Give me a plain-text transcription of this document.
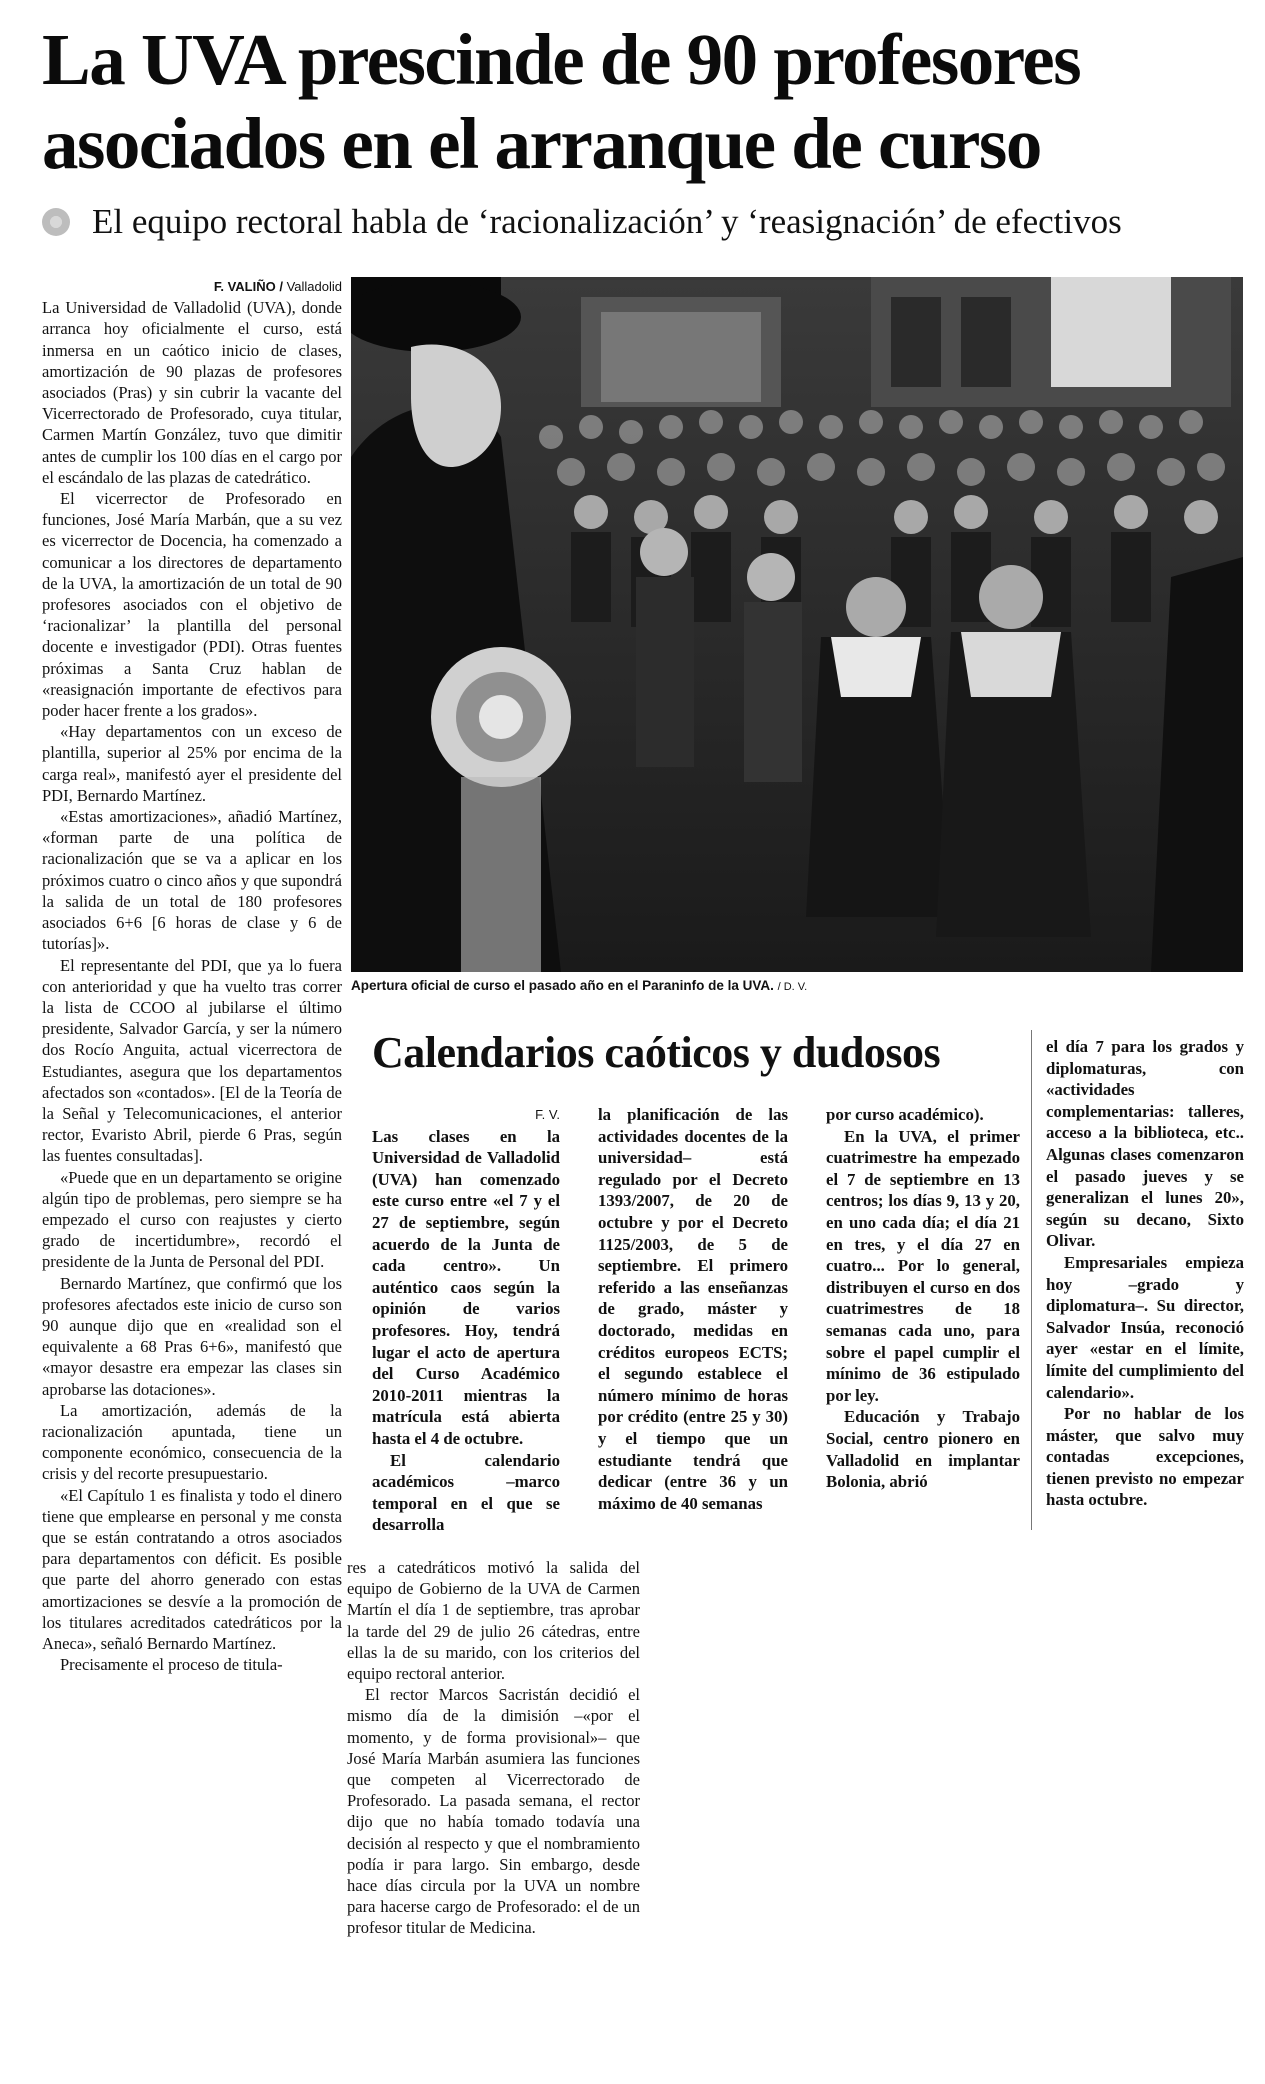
La UVA prescinde de 90 profesores
asociados en el arranque de curso
El equipo rectoral habla de ‘racionalización’ y ‘reasignación’ de efectivos

F. VALIÑO / Valladolid

La Universidad de Valladolid (UVA), donde arranca hoy oficialmente el curso, está inmersa en un caótico inicio de clases, amortización de 90 plazas de profesores asociados (Pras) y sin cubrir la vacante del Vicerrectorado de Profesorado, cuya titular, Carmen Martín González, tuvo que dimitir antes de cumplir los 100 días en el cargo por el escándalo de las plazas de catedrático.

El vicerrector de Profesorado en funciones, José María Marbán, que a su vez es vicerrector de Docencia, ha comenzado a comunicar a los directores de departamento de la UVA, la amortización de un total de 90 profesores asociados con el objetivo de ‘racionalizar’ la plantilla del personal docente e investigador (PDI). Otras fuentes próximas a Santa Cruz hablan de «reasignación importante de efectivos para poder hacer frente a los grados».

«Hay departamentos con un exceso de plantilla, superior al 25% por encima de la carga real», manifestó ayer el presidente del PDI, Bernardo Martínez.

«Estas amortizaciones», añadió Martínez, «forman parte de una política de racionalización que se va a aplicar en los próximos cuatro o cinco años y que supondrá la salida de un total de 180 profesores asociados 6+6 [6 horas de clase y 6 de tutorías]».

El representante del PDI, que ya lo fuera con anterioridad y que ha vuelto tras correr la lista de CCOO al jubilarse el último presidente, Salvador García, y ser la número dos Rocío Anguita, actual vicerrectora de Estudiantes, asegura que los departamentos afectados son «contados». [El de la Teoría de la Señal y Telecomunicaciones, el anterior rector, Evaristo Abril, pierde 6 Pras, según las fuentes consultadas].

«Puede que en un departamento se origine algún tipo de problemas, pero siempre se ha empezado el curso con reajustes y cierto grado de incertidumbre», recordó el presidente de la Junta de Personal del PDI.

Bernardo Martínez, que confirmó que los profesores afectados este inicio de curso son 90 aunque dijo que en «realidad son el equivalente a 68 Pras 6+6», manifestó que «mayor desastre era empezar las clases sin aprobarse las dotaciones».

La amortización, además de la racionalización apuntada, tiene un componente económico, consecuencia de la crisis y del recorte presupuestario.

«El Capítulo 1 es finalista y todo el dinero tiene que emplearse en personal y me consta que se están contratando a otros asociados para departamentos con déficit. Es posible que parte del ahorro generado con estas amortizaciones se desvíe a la promoción de los titulares acreditados catedráticos por la Aneca», señaló Bernardo Martínez.

Precisamente el proceso de titula-

Apertura oficial de curso el pasado año en el Paraninfo de la UVA. / D. V.
Calendarios caóticos y dudosos

F. V.

Las clases en la Universidad de Valladolid (UVA) han comenzado este curso entre «el 7 y el 27 de septiembre, según acuerdo de la Junta de cada centro». Un auténtico caos según la opinión de varios profesores. Hoy, tendrá lugar el acto de apertura del Curso Académico 2010-2011 mientras la matrícula está abierta hasta el 4 de octubre.

El calendario académicos –marco temporal en el que se desarrolla

la planificación de las actividades docentes de la universidad– está regulado por el Decreto 1393/2007, de 20 de octubre y por el Decreto 1125/2003, de 5 de septiembre. El primero referido a las enseñanzas de grado, máster y doctorado, medidas en créditos europeos ECTS; el segundo establece el número mínimo de horas por crédito (entre 25 y 30) y el tiempo que un estudiante tendrá que dedicar (entre 36 y un máximo de 40 semanas

por curso académico).

En la UVA, el primer cuatrimestre ha empezado el 7 de septiembre en 13 centros; los días 9, 13 y 20, en uno cada día; el día 21 en tres, y el día 27 en cuatro... Por lo general, distribuyen el curso en dos cuatrimestres de 18 semanas cada uno, para sobre el papel cumplir el mínimo de 36 estipulado por ley.

Educación y Trabajo Social, centro pionero en Valladolid en implantar Bolonia, abrió

el día 7 para los grados y diplomaturas, con «actividades complementarias: talleres, acceso a la biblioteca, etc.. Algunas clases comenzaron el pasado jueves y se generalizan el lunes 20», según su decano, Sixto Olivar.

Empresariales empieza hoy –grado y diplomatura–. Su director, Salvador Insúa, reconoció ayer «estar en el límite, límite del cumplimiento del calendario».

Por no hablar de los máster, que salvo muy contadas excepciones, tienen previsto no empezar hasta octubre.

res a catedráticos motivó la salida del equipo de Gobierno de la UVA de Carmen Martín el día 1 de septiembre, tras aprobar la tarde del 29 de julio 26 cátedras, entre ellas la de su marido, con los criterios del equipo rectoral anterior.

El rector Marcos Sacristán decidió el mismo día de la dimisión –«por el momento, y de forma provisional»– que José María Marbán asumiera las funciones que competen al Vicerrectorado de Profesorado. La pasada semana, el rector dijo que no había tomado todavía una decisión al respecto y que el nombramiento podía ir para largo. Sin embargo, desde hace días circula por la UVA un nombre para hacerse cargo de Profesorado: el de un profesor titular de Medicina.
